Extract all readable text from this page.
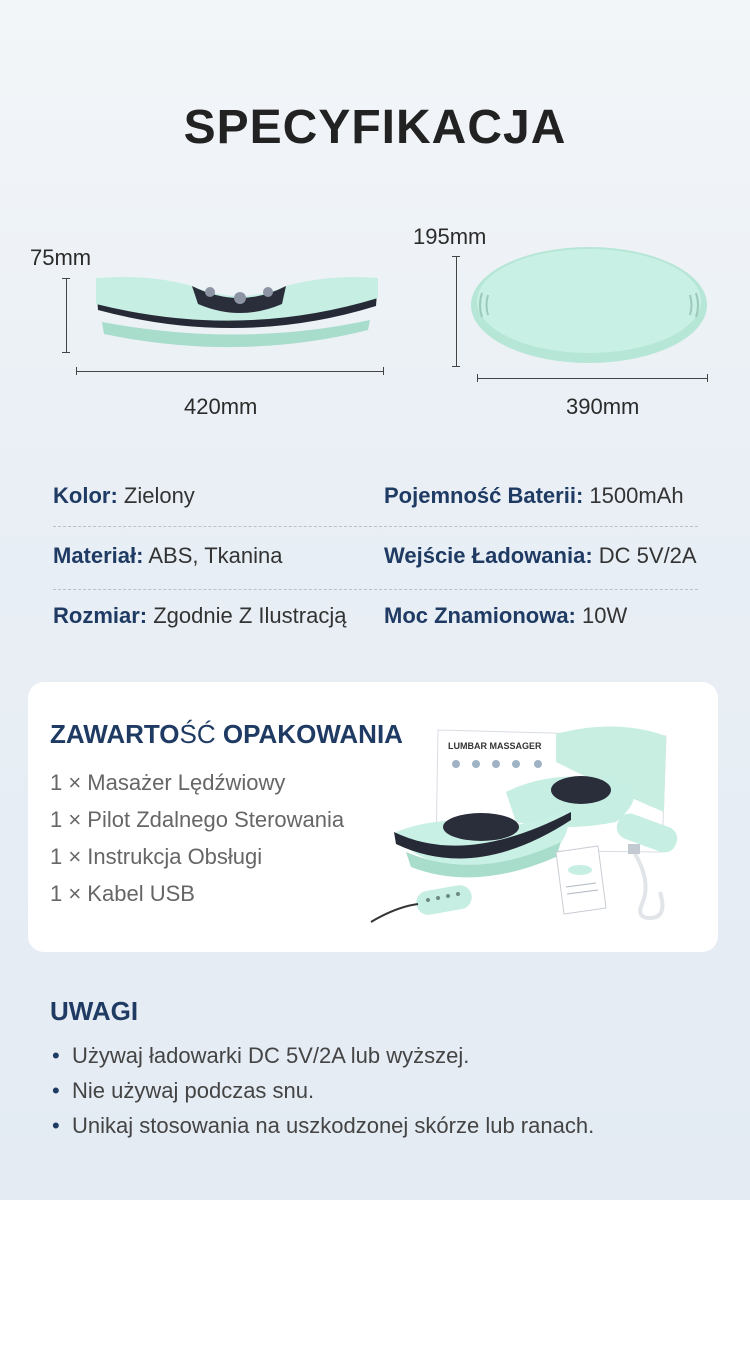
SPECYFIKACJA
75mm
420mm
195mm
390mm
Kolor: Zielony	Pojemność Baterii: 1500mAh
Materiał: ABS, Tkanina	Wejście Ładowania: DC 5V/2A
Rozmiar: Zgodnie Z Ilustracją Moc Znamionowa: 10W
ZAWARTOŚĆ OPAKOWANIA
1 × Masażer Lędźwiowy
1 × Pilot Zdalnego Sterowania
1 × Instrukcja Obsługi
1 × Kabel USB
LUMBAR MASSAGER
UWAGI
• Używaj ładowarki DC 5V/2A lub wyższej.
• Nie używaj podczas snu.
• Unikaj stosowania na uszkodzonej skórze lub ranach.
